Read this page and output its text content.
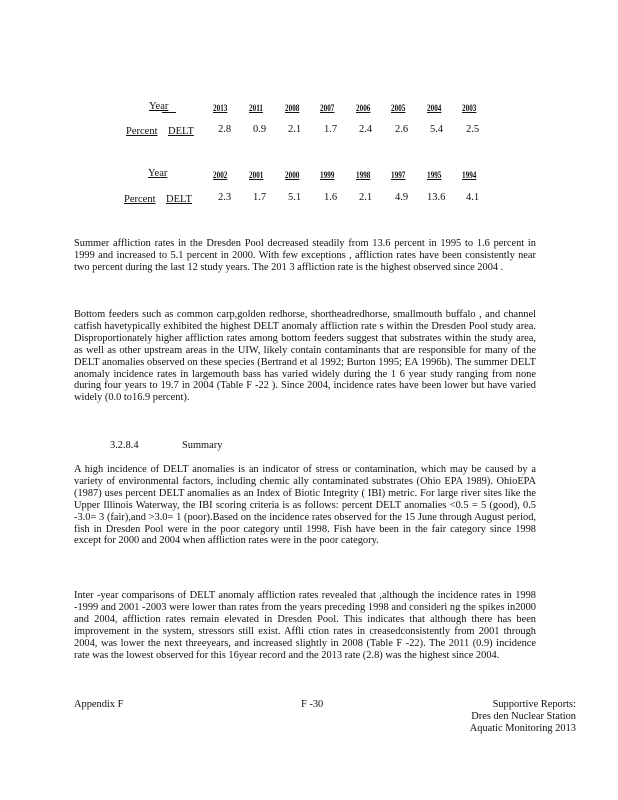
Year	2013 2011 2008 2007 2006 2005 2004 2003
Percent DELT 2.8 0.9 2.1 1.7 2.4 2.6 5.4 2.5
Year	2002 2001 2000 1999 1998 1997 1995 1994
Percent DELT 2.3 1.7 5.1 1.6 2.1 4.9 13.6 4.1

Summer affliction rates in the Dresden Pool decreased steadily from 13.6 percent in 1995 to 1.6 percent in 1999 and increased to 5.1 percent in 2000. With few exceptions , affliction rates have been consistently near two percent during the last 12 study years. The 201 3 affliction rate is the highest observed since 2004 .

Bottom feeders such as common carp,golden redhorse, shortheadredhorse, smallmouth buffalo , and channel catfish havetypically exhibited the highest DELT anomaly affliction rate s within the Dresden Pool study area. Disproportionately higher affliction rates among bottom feeders suggest that substrates within the study area, as well as other upstream areas in the UIW, likely contain contaminants that are responsible for many of the DELT anomalies observed on these species (Bertrand et al 1992; Burton 1995; EA 1996b). The summer DELT anomaly incidence rates in largemouth bass has varied widely during the 1 6 year study ranging from none during four years to 19.7 in 2004 (Table F -22 ). Since 2004, incidence rates have been lower but have varied widely (0.0 to16.9 percent).

3.2.8.4	Summary

A high incidence of DELT anomalies is an indicator of stress or contamination, which may be caused by a variety of environmental factors, including chemic ally contaminated substrates (Ohio EPA 1989). OhioEPA (1987) uses percent DELT anomalies as an Index of Biotic Integrity ( IBI) metric. For large river sites like the Upper Illinois Waterway, the IBI scoring criteria is as follows: percent DELT anomalies <0.5 = 5 (good), 0.5 -3.0= 3 (fair),and >3.0= 1 (poor).Based on the incidence rates observed for the 15 June through August period, fish in Dresden Pool were in the poor category until 1998. Fish have been in the fair category since 1998 except for 2000 and 2004 when affliction rates were in the poor category.

Inter -year comparisons of DELT anomaly affliction rates revealed that ,although the incidence rates in 1998 -1999 and 2001 -2003 were lower than rates from the years preceding 1998 and consideri ng the spikes in2000 and 2004, affliction rates remain elevated in Dresden Pool. This indicates that although there has been improvement in the system, stressors still exist. Affli ction rates in creasedconsistently from 2001 through 2004, was lower the next threeyears, and increased slightly in 2008 (Table F -22). The 2011 (0.9) incidence rate was the lowest observed for this 16year record and the 2013 rate (2.8) was the highest since 2004.

Appendix F	F -30	Supportive Reports:
Dres den Nuclear Station
Aquatic Monitoring 2013
